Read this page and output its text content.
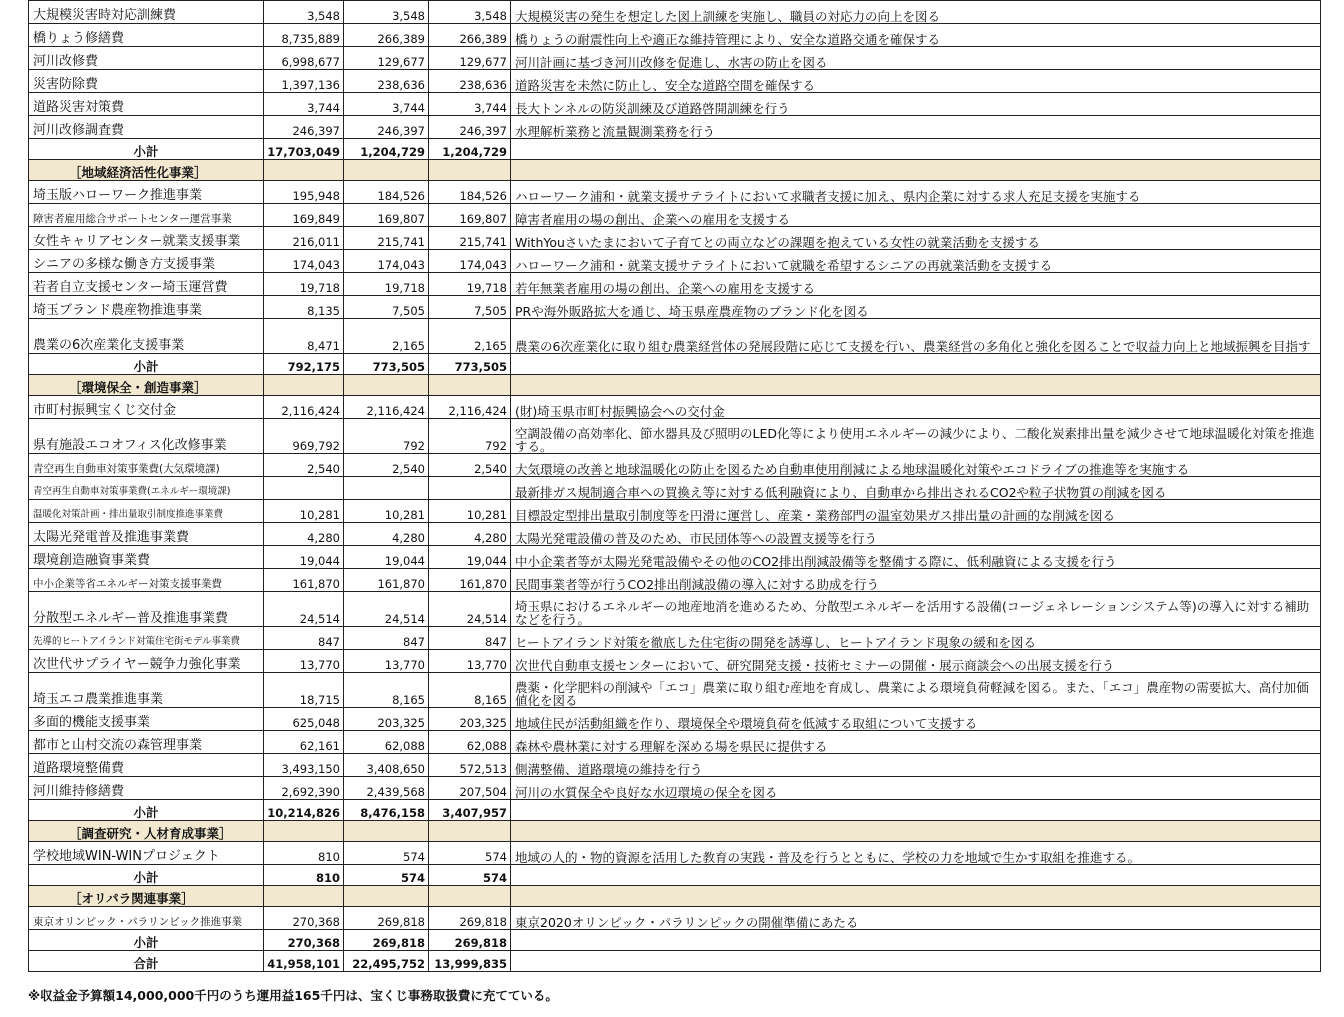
大規模災害時対応訓練費	3,548	3,548	3,548	大規模災害の発生を想定した図上訓練を実施し、職員の対応力の向上を図る
橋りょう修繕費	8,735,889	266,389	266,389	橋りょうの耐震性向上や適正な維持管理により、安全な道路交通を確保する
河川改修費	6,998,677	129,677	129,677	河川計画に基づき河川改修を促進し、水害の防止を図る
災害防除費	1,397,136	238,636	238,636	道路災害を未然に防止し、安全な道路空間を確保する
道路災害対策費	3,744	3,744	3,744	長大トンネルの防災訓練及び道路啓開訓練を行う
河川改修調査費	246,397	246,397	246,397	水理解析業務と流量観測業務を行う
小計	17,703,049	1,204,729	1,204,729	
［地域経済活性化事業］				
埼玉版ハローワーク推進事業	195,948	184,526	184,526	ハローワーク浦和・就業支援サテライトにおいて求職者支援に加え、県内企業に対する求人充足支援を実施する
障害者雇用総合サポートセンター運営事業	169,849	169,807	169,807	障害者雇用の場の創出、企業への雇用を支援する
女性キャリアセンター就業支援事業	216,011	215,741	215,741	WithYouさいたまにおいて子育てとの両立などの課題を抱えている女性の就業活動を支援する
シニアの多様な働き方支援事業	174,043	174,043	174,043	ハローワーク浦和・就業支援サテライトにおいて就職を希望するシニアの再就業活動を支援する
若者自立支援センター埼玉運営費	19,718	19,718	19,718	若年無業者雇用の場の創出、企業への雇用を支援する
埼玉ブランド農産物推進事業	8,135	7,505	7,505	PRや海外販路拡大を通じ、埼玉県産農産物のブランド化を図る
農業の6次産業化支援事業	8,471	2,165	2,165	農業の6次産業化に取り組む農業経営体の発展段階に応じて支援を行い、農業経営の多角化と強化を図ることで収益力向上と地域振興を目指す
小計	792,175	773,505	773,505	
［環境保全・創造事業］				
市町村振興宝くじ交付金	2,116,424	2,116,424	2,116,424	(財)埼玉県市町村振興協会への交付金
県有施設エコオフィス化改修事業	969,792	792	792	空調設備の高効率化、節水器具及び照明のLED化等により使用エネルギーの減少により、二酸化炭素排出量を減少させて地球温暖化対策を推進する。
青空再生自動車対策事業費(大気環境課)	2,540	2,540	2,540	大気環境の改善と地球温暖化の防止を図るため自動車使用削減による地球温暖化対策やエコドライブの推進等を実施する
青空再生自動車対策事業費(エネルギー環境課)				最新排ガス規制適合車への買換え等に対する低利融資により、自動車から排出されるCO2や粒子状物質の削減を図る
温暖化対策計画・排出量取引制度推進事業費	10,281	10,281	10,281	目標設定型排出量取引制度等を円滑に運営し、産業・業務部門の温室効果ガス排出量の計画的な削減を図る
太陽光発電普及推進事業費	4,280	4,280	4,280	太陽光発電設備の普及のため、市民団体等への設置支援等を行う
環境創造融資事業費	19,044	19,044	19,044	中小企業者等が太陽光発電設備やその他のCO2排出削減設備等を整備する際に、低利融資による支援を行う
中小企業等省エネルギー対策支援事業費	161,870	161,870	161,870	民間事業者等が行うCO2排出削減設備の導入に対する助成を行う
分散型エネルギー普及推進事業費	24,514	24,514	24,514	埼玉県におけるエネルギーの地産地消を進めるため、分散型エネルギーを活用する設備(コージェネレーションシステム等)の導入に対する補助などを行う。
先導的ヒートアイランド対策住宅街モデル事業費	847	847	847	ヒートアイランド対策を徹底した住宅街の開発を誘導し、ヒートアイランド現象の緩和を図る
次世代サプライヤー競争力強化事業	13,770	13,770	13,770	次世代自動車支援センターにおいて、研究開発支援・技術セミナーの開催・展示商談会への出展支援を行う
埼玉エコ農業推進事業	18,715	8,165	8,165	農薬・化学肥料の削減や「エコ」農業に取り組む産地を育成し、農業による環境負荷軽減を図る。また、「エコ」農産物の需要拡大、高付加価値化を図る
多面的機能支援事業	625,048	203,325	203,325	地域住民が活動組織を作り、環境保全や環境負荷を低減する取組について支援する
都市と山村交流の森管理事業	62,161	62,088	62,088	森林や農林業に対する理解を深める場を県民に提供する
道路環境整備費	3,493,150	3,408,650	572,513	側溝整備、道路環境の維持を行う
河川維持修繕費	2,692,390	2,439,568	207,504	河川の水質保全や良好な水辺環境の保全を図る
小計	10,214,826	8,476,158	3,407,957	
［調査研究・人材育成事業］				
学校地域WIN-WINプロジェクト	810	574	574	地域の人的・物的資源を活用した教育の実践・普及を行うとともに、学校の力を地域で生かす取組を推進する。
小計	810	574	574	
［オリパラ関連事業］				
東京オリンピック・パラリンピック推進事業	270,368	269,818	269,818	東京2020オリンピック・パラリンピックの開催準備にあたる
小計	270,368	269,818	269,818	
合計	41,958,101	22,495,752	13,999,835	
※収益金予算額14,000,000千円のうち運用益165千円は、宝くじ事務取扱費に充てている。
